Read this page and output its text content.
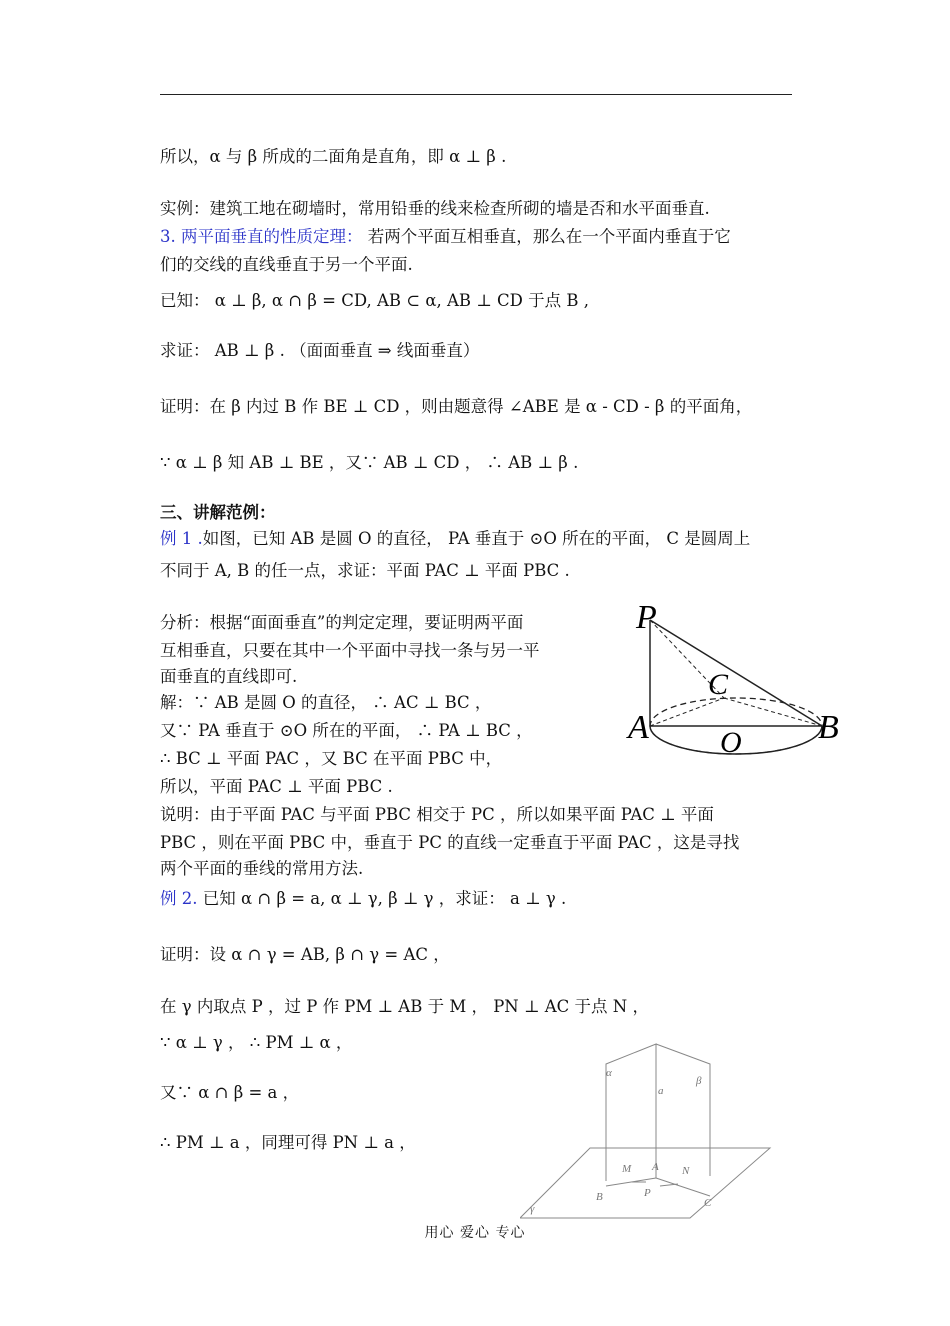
所以，α 与 β 所成的二面角是直角，即 α ⊥ β .
实例：建筑工地在砌墙时，常用铅垂的线来检查所砌的墙是否和水平面垂直.
3. 两平面垂直的性质定理： 若两个平面互相垂直，那么在一个平面内垂直于它
们的交线的直线垂直于另一个平面.
已知： α ⊥ β, α ∩ β = CD, AB ⊂ α, AB ⊥ CD 于点 B ,
求证： AB ⊥ β . （面面垂直 ⇒ 线面垂直）
证明：在 β 内过 B 作 BE ⊥ CD ，则由题意得 ∠ABE 是 α - CD - β 的平面角，
∵ α ⊥ β 知 AB ⊥ BE ，又∵ AB ⊥ CD ， ∴ AB ⊥ β .
三、讲解范例：
例 1 .如图，已知 AB 是圆 O 的直径， PA 垂直于 ⊙O 所在的平面， C 是圆周上
不同于 A, B 的任一点，求证：平面 PAC ⊥ 平面 PBC .
分析：根据“面面垂直”的判定定理，要证明两平面
互相垂直，只要在其中一个平面中寻找一条与另一平
面垂直的直线即可.
解：∵ AB 是圆 O 的直径， ∴ AC ⊥ BC ，
又∵ PA 垂直于 ⊙O 所在的平面， ∴ PA ⊥ BC ，
∴ BC ⊥ 平面 PAC ，又 BC 在平面 PBC 中，
所以，平面 PAC ⊥ 平面 PBC .
说明：由于平面 PAC 与平面 PBC 相交于 PC ，所以如果平面 PAC ⊥ 平面
PBC ，则在平面 PBC 中，垂直于 PC 的直线一定垂直于平面 PAC ，这是寻找
两个平面的垂线的常用方法.
例 2. 已知 α ∩ β = a, α ⊥ γ, β ⊥ γ ，求证： a ⊥ γ .
证明：设 α ∩ γ = AB, β ∩ γ = AC ，
在 γ 内取点 P ，过 P 作 PM ⊥ AB 于 M ， PN ⊥ AC 于点 N ，
∵ α ⊥ γ ， ∴ PM ⊥ α ，
又∵ α ∩ β = a ，
∴ PM ⊥ a ，同理可得 PN ⊥ a ，
P
C
A O B
α
β
a
M A N
B	P
C
γ
用心 爱心 专心
